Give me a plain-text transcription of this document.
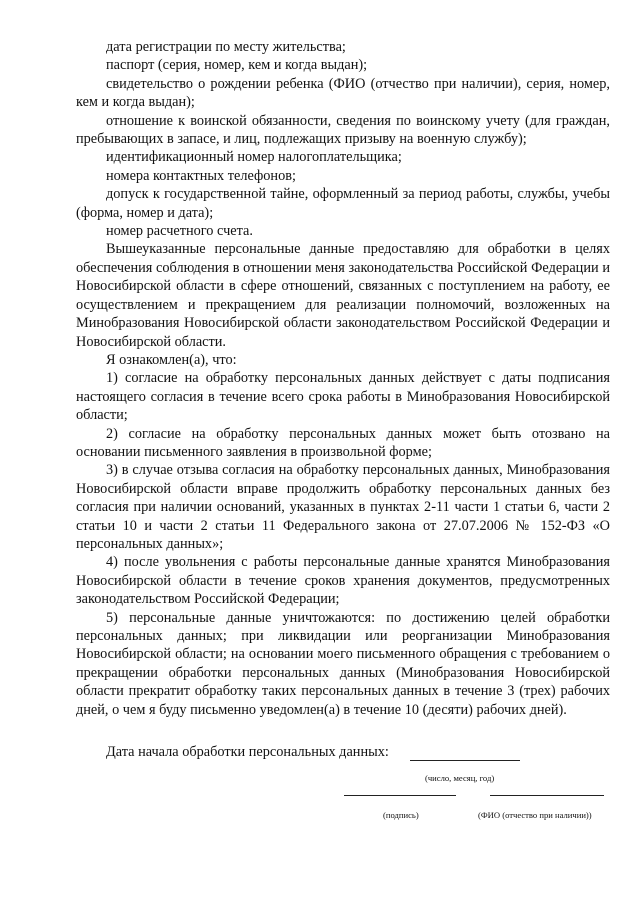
дата регистрации по месту жительства;

паспорт (серия, номер, кем и когда выдан);

свидетельство о рождении ребенка (ФИО (отчество при наличии), серия, номер, кем и когда выдан);

отношение к воинской обязанности, сведения по воинскому учету (для граждан, пребывающих в запасе, и лиц, подлежащих призыву на военную службу);

идентификационный номер налогоплательщика;

номера контактных телефонов;

допуск к государственной тайне, оформленный за период работы, службы, учебы (форма, номер и дата);

номер расчетного счета.

Вышеуказанные персональные данные предоставляю для обработки в целях обеспечения соблюдения в отношении меня законодательства Российской Федерации и Новосибирской области в сфере отношений, связанных с поступлением на работу, ее осуществлением и прекращением для реализации полномочий, возложенных на Минобразования Новосибирской области законодательством Российской Федерации и Новосибирской области.

Я ознакомлен(а), что:

1) согласие на обработку персональных данных действует с даты подписания настоящего согласия в течение всего срока работы в Минобразования Новосибирской области;

2) согласие на обработку персональных данных может быть отозвано на основании письменного заявления в произвольной форме;

3) в случае отзыва согласия на обработку персональных данных, Минобразования Новосибирской области вправе продолжить обработку персональных данных без согласия при наличии оснований, указанных в пунктах 2-11 части 1 статьи 6, части 2 статьи 10 и части 2 статьи 11 Федерального закона от 27.07.2006 № 152-ФЗ «О персональных данных»;

4) после увольнения с работы персональные данные хранятся Минобразования Новосибирской области в течение сроков хранения документов, предусмотренных законодательством Российской Федерации;

5) персональные данные уничтожаются: по достижению целей обработки персональных данных; при ликвидации или реорганизации Минобразования Новосибирской области; на основании моего письменного обращения с требованием о прекращении обработки персональных данных (Минобразования Новосибирской области прекратит обработку таких персональных данных в течение 3 (трех) рабочих дней, о чем я буду письменно уведомлен(а) в течение 10 (десяти) рабочих дней).

Дата начала обработки персональных данных:
(число, месяц, год)
(подпись)	(ФИО (отчество при наличии))
